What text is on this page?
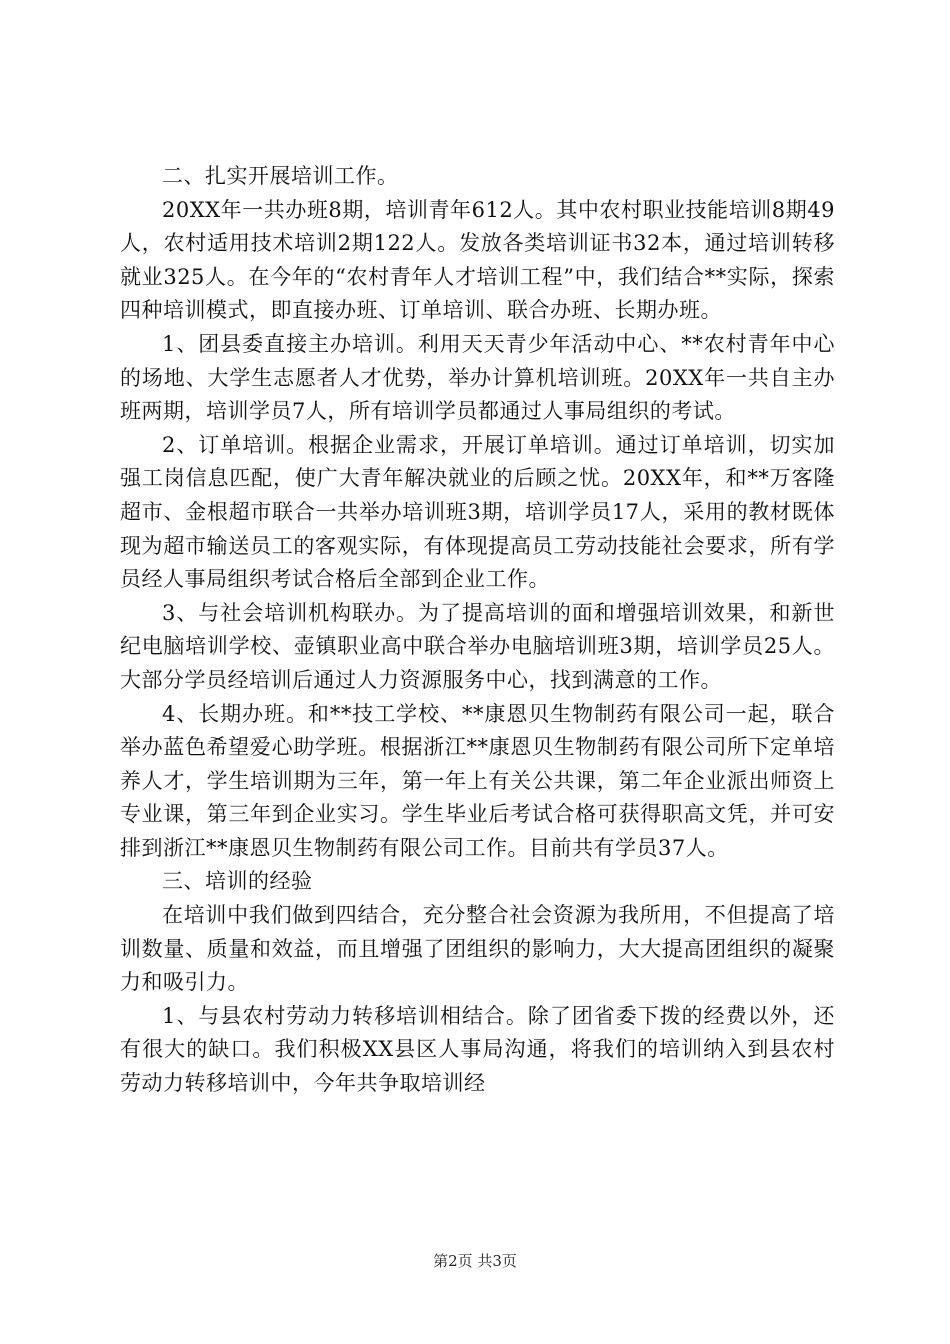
二、扎实开展培训工作。

20XX年一共办班8期，培训青年612人。其中农村职业技能培训8期49人，农村适用技术培训2期122人。发放各类培训证书32本，通过培训转移就业325人。在今年的“农村青年人才培训工程”中，我们结合**实际，探索四种培训模式，即直接办班、订单培训、联合办班、长期办班。

1、团县委直接主办培训。利用天天青少年活动中心、**农村青年中心的场地、大学生志愿者人才优势，举办计算机培训班。20XX年一共自主办班两期，培训学员7人，所有培训学员都通过人事局组织的考试。

2、订单培训。根据企业需求，开展订单培训。通过订单培训，切实加强工岗信息匹配，使广大青年解决就业的后顾之忧。20XX年，和**万客隆超市、金根超市联合一共举办培训班3期，培训学员17人，采用的教材既体现为超市输送员工的客观实际，有体现提高员工劳动技能社会要求，所有学员经人事局组织考试合格后全部到企业工作。

3、与社会培训机构联办。为了提高培训的面和增强培训效果，和新世纪电脑培训学校、壶镇职业高中联合举办电脑培训班3期，培训学员25人。大部分学员经培训后通过人力资源服务中心，找到满意的工作。

4、长期办班。和**技工学校、**康恩贝生物制药有限公司一起，联合举办蓝色希望爱心助学班。根据浙江**康恩贝生物制药有限公司所下定单培养人才，学生培训期为三年，第一年上有关公共课，第二年企业派出师资上专业课，第三年到企业实习。学生毕业后考试合格可获得职高文凭，并可安排到浙江**康恩贝生物制药有限公司工作。目前共有学员37人。

三、培训的经验

在培训中我们做到四结合，充分整合社会资源为我所用，不但提高了培训数量、质量和效益，而且增强了团组织的影响力，大大提高团组织的凝聚力和吸引力。

1、与县农村劳动力转移培训相结合。除了团省委下拨的经费以外，还有很大的缺口。我们积极XX县区人事局沟通，将我们的培训纳入到县农村劳动力转移培训中，今年共争取培训经

第2页 共3页
